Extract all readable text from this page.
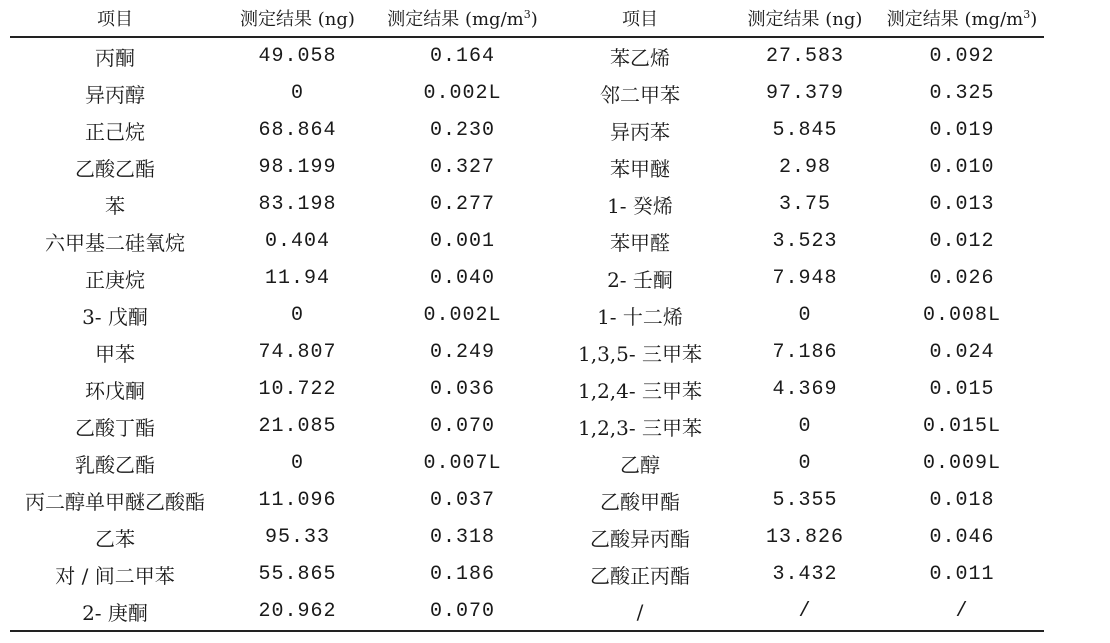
项目	测定结果 (ng)	测定结果 $(mg/m^3)$	项目	测定结果 (ng)	测定结果 $(mg/m^3)$
丙酮	49.058	0.164	苯乙烯	27.583	0.092
异丙醇	0	0.002L	邻二甲苯	97.379	0.325
正己烷	68.864	0.230	异丙苯	5.845	0.019
乙酸乙酯	98.199	0.327	苯甲醚	2.98	0.010
苯	83.198	0.277	1- 癸烯	3.75	0.013
六甲基二硅氧烷	0.404	0.001	苯甲醛	3.523	0.012
正庚烷	11.94	0.040	2- 壬酮	7.948	0.026
3- 戊酮	0	0.002L	1- 十二烯	0	0.008L
甲苯	74.807	0.249	1,3,5- 三甲苯	7.186	0.024
环戊酮	10.722	0.036	1,2,4- 三甲苯	4.369	0.015
乙酸丁酯	21.085	0.070	1,2,3- 三甲苯	0	0.015L
乳酸乙酯	0	0.007L	乙醇	0	0.009L
丙二醇单甲醚乙酸酯	11.096	0.037	乙酸甲酯	5.355	0.018
乙苯	95.33	0.318	乙酸异丙酯	13.826	0.046
对 / 间二甲苯	55.865	0.186	乙酸正丙酯	3.432	0.011
2- 庚酮	20.962	0.070	/	/	/
